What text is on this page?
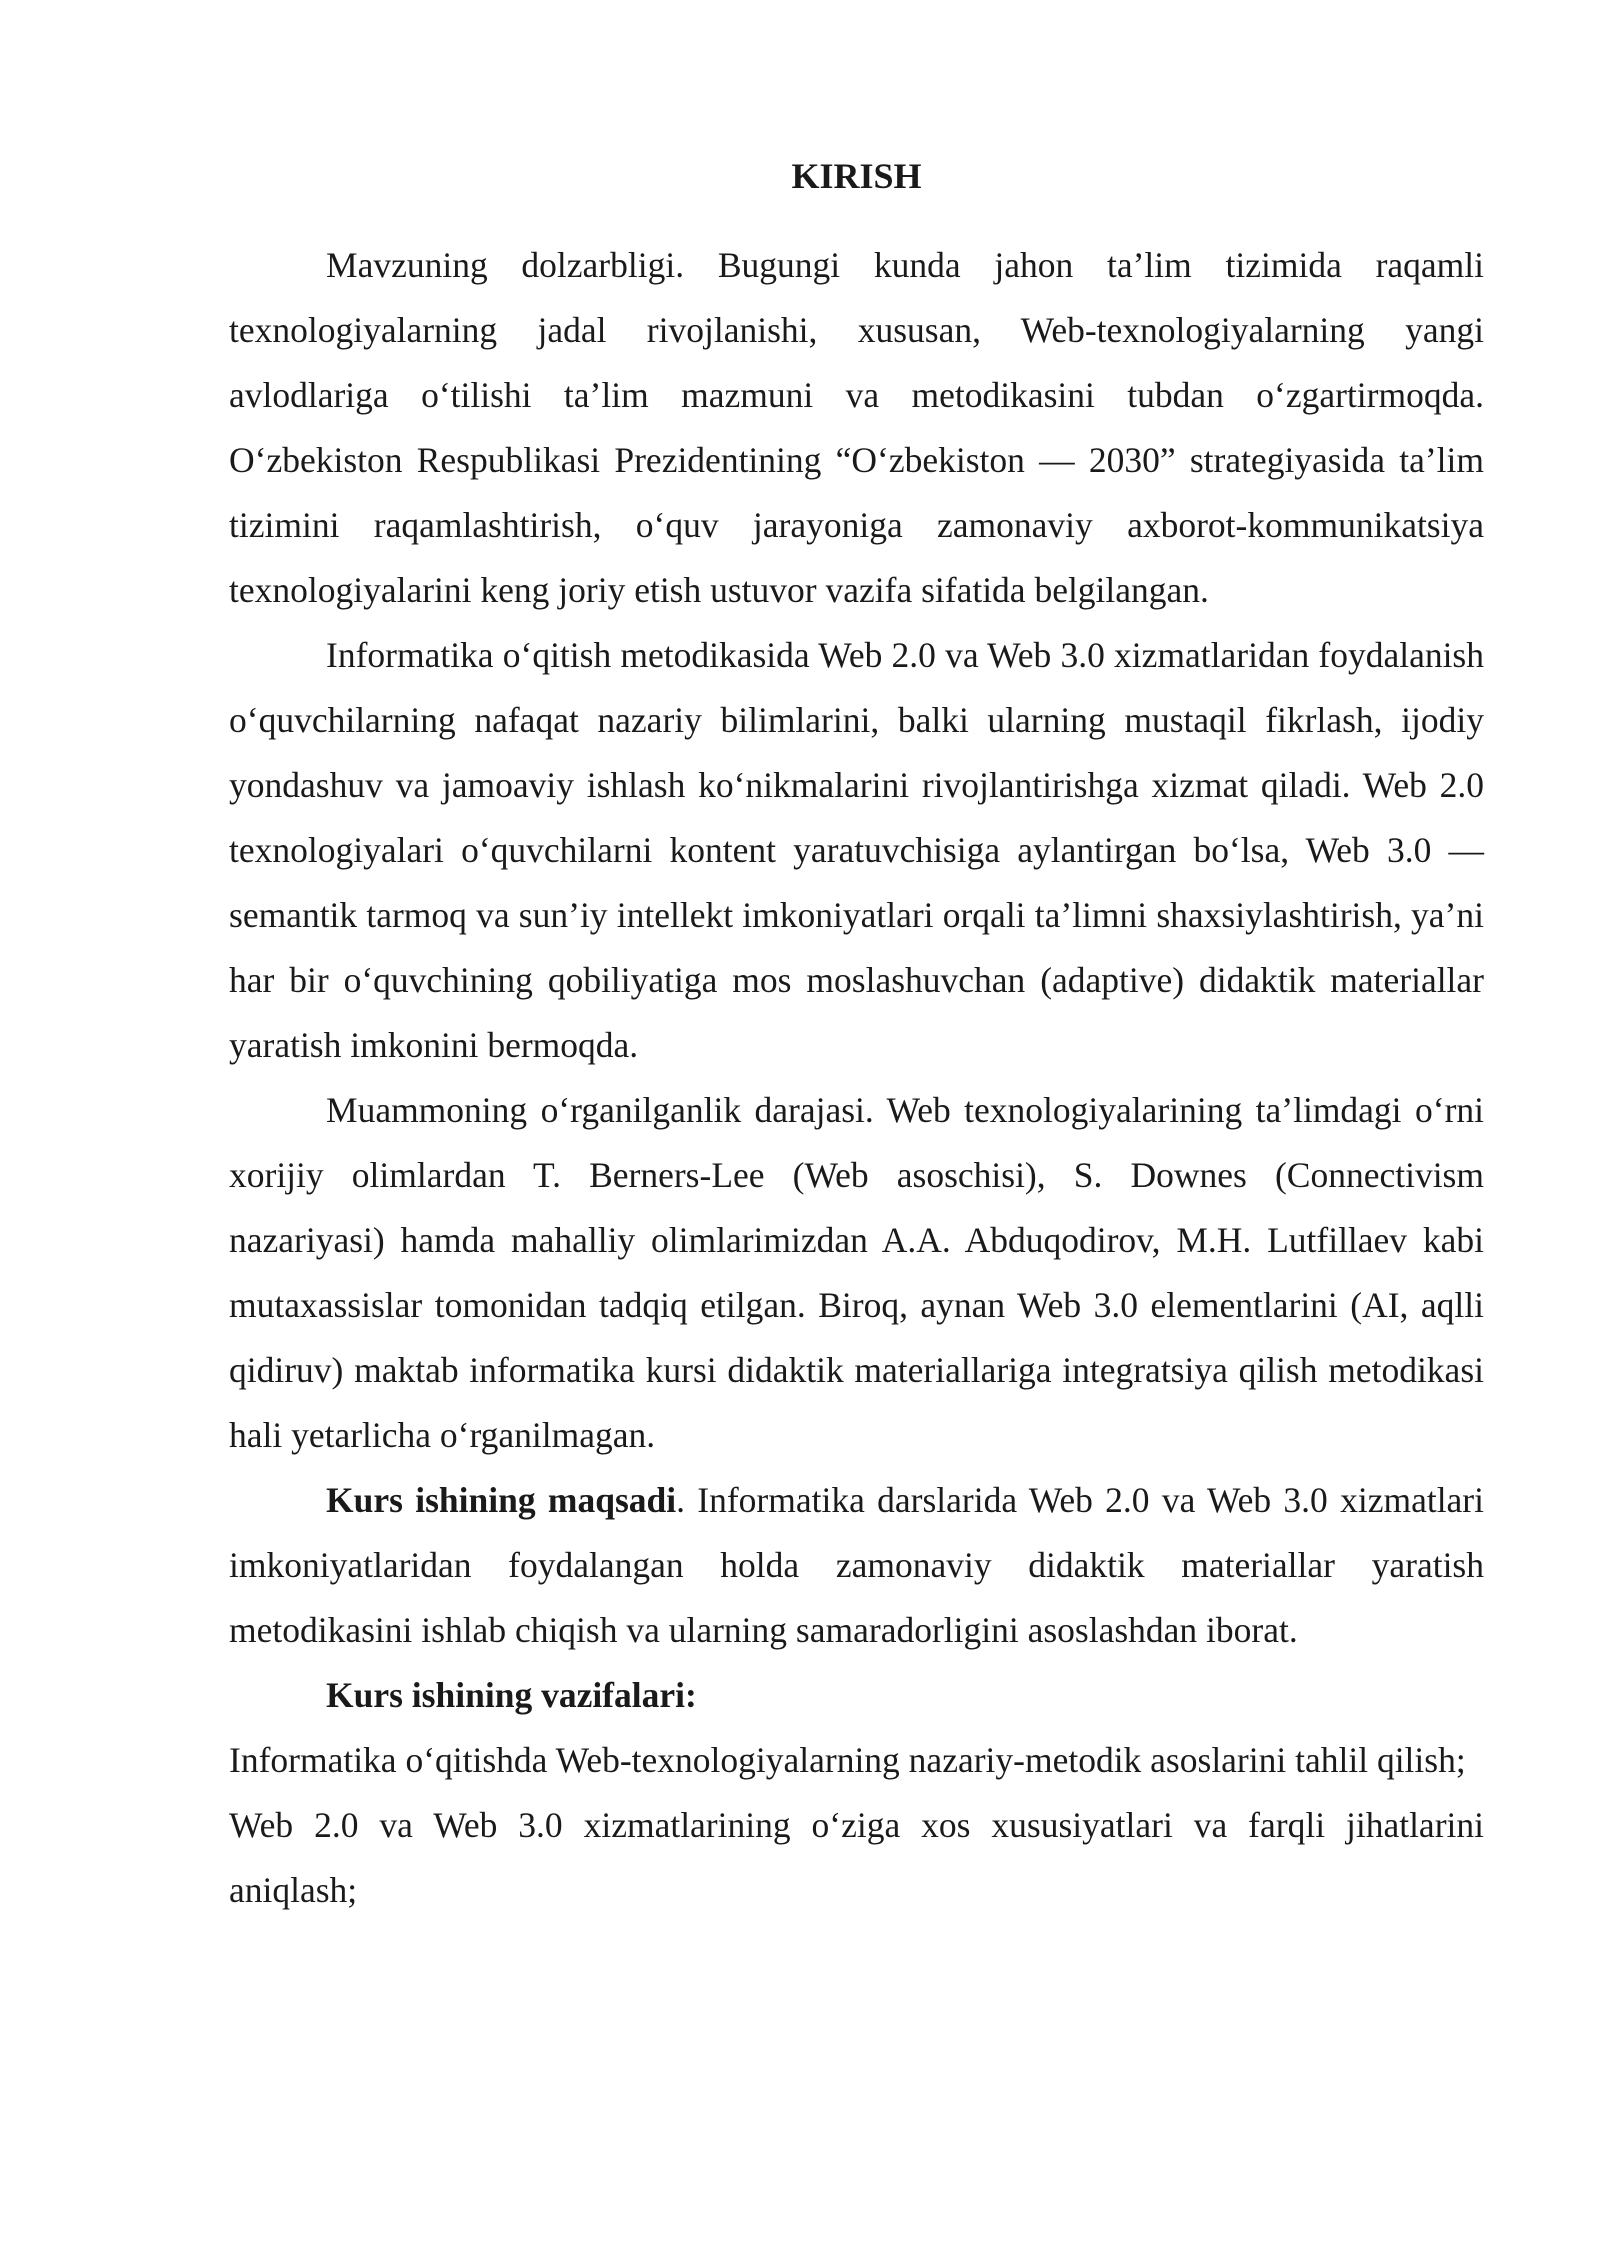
KIRISH

Mavzuning dolzarbligi. Bugungi kunda jahon ta’lim tizimida raqamli texnologiyalarning jadal rivojlanishi, xususan, Web-texnologiyalarning yangi avlodlariga o‘tilishi ta’lim mazmuni va metodikasini tubdan o‘zgartirmoqda. O‘zbekiston Respublikasi Prezidentining “O‘zbekiston — 2030” strategiyasida ta’lim tizimini raqamlashtirish, o‘quv jarayoniga zamonaviy axborot-kommunikatsiya texnologiyalarini keng joriy etish ustuvor vazifa sifatida belgilangan.

Informatika o‘qitish metodikasida Web 2.0 va Web 3.0 xizmatlaridan foydalanish o‘quvchilarning nafaqat nazariy bilimlarini, balki ularning mustaqil fikrlash, ijodiy yondashuv va jamoaviy ishlash ko‘nikmalarini rivojlantirishga xizmat qiladi. Web 2.0 texnologiyalari o‘quvchilarni kontent yaratuvchisiga aylantirgan bo‘lsa, Web 3.0 — semantik tarmoq va sun’iy intellekt imkoniyatlari orqali ta’limni shaxsiylashtirish, ya’ni har bir o‘quvchining qobiliyatiga mos moslashuvchan (adaptive) didaktik materiallar yaratish imkonini bermoqda.

Muammoning o‘rganilganlik darajasi. Web texnologiyalarining ta’limdagi o‘rni xorijiy olimlardan T. Berners-Lee (Web asoschisi), S. Downes (Connectivism nazariyasi) hamda mahalliy olimlarimizdan A.A. Abduqodirov, M.H. Lutfillaev kabi mutaxassislar tomonidan tadqiq etilgan. Biroq, aynan Web 3.0 elementlarini (AI, aqlli qidiruv) maktab informatika kursi didaktik materiallariga integratsiya qilish metodikasi hali yetarlicha o‘rganilmagan.

Kurs ishining maqsadi. Informatika darslarida Web 2.0 va Web 3.0 xizmatlari imkoniyatlaridan foydalangan holda zamonaviy didaktik materiallar yaratish metodikasini ishlab chiqish va ularning samaradorligini asoslashdan iborat.

Kurs ishining vazifalari:

Informatika o‘qitishda Web-texnologiyalarning nazariy-metodik asoslarini tahlil qilish;

Web 2.0 va Web 3.0 xizmatlarining o‘ziga xos xususiyatlari va farqli jihatlarini aniqlash;
